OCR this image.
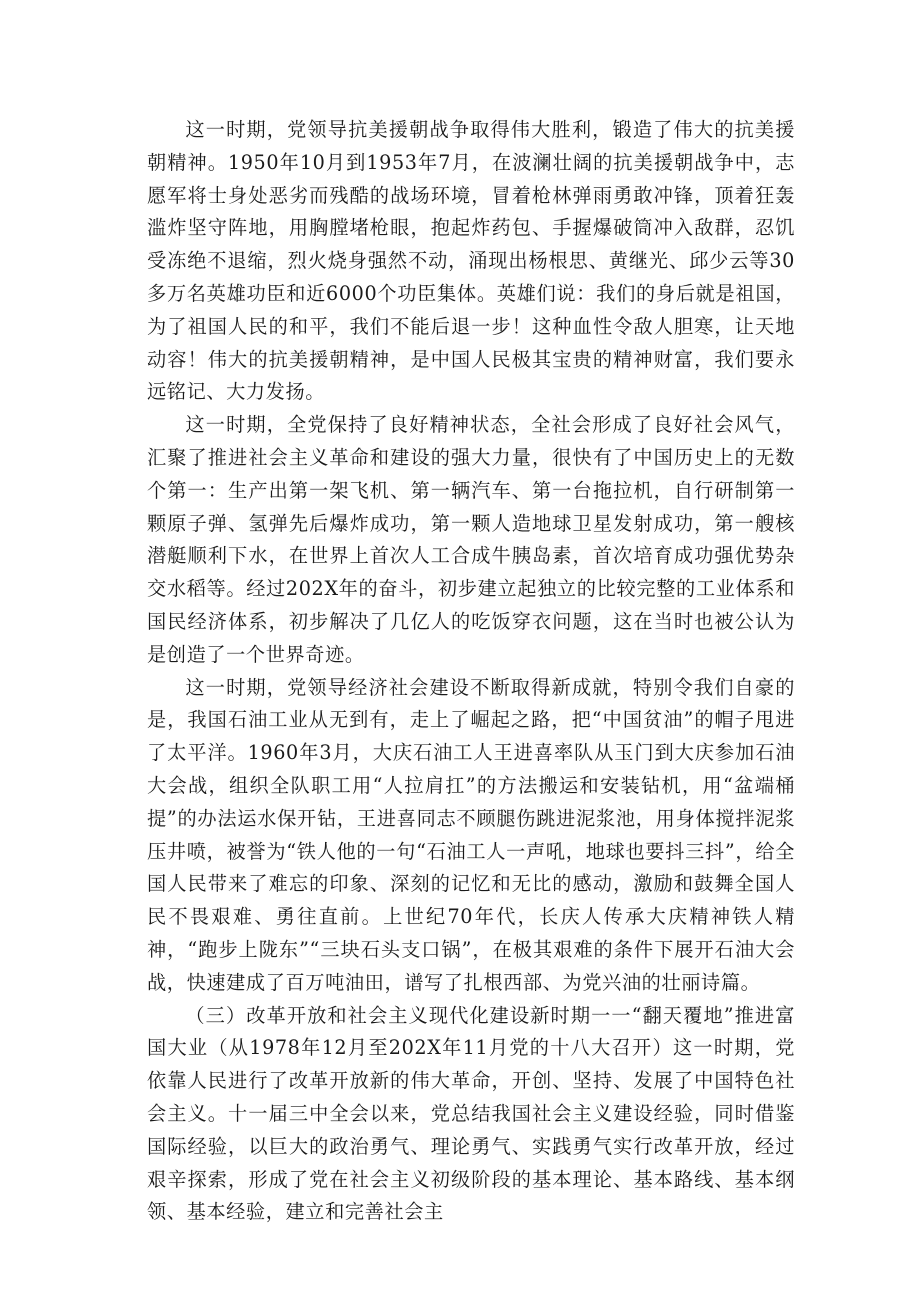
这一时期，党领导抗美援朝战争取得伟大胜利，锻造了伟大的抗美援朝精神。1950年10月到1953年7月，在波澜壮阔的抗美援朝战争中，志愿军将士身处恶劣而残酷的战场环境，冒着枪林弹雨勇敢冲锋，顶着狂轰滥炸坚守阵地，用胸膛堵枪眼，抱起炸药包、手握爆破筒冲入敌群，忍饥受冻绝不退缩，烈火烧身强然不动，涌现出杨根思、黄继光、邱少云等30多万名英雄功臣和近6000个功臣集体。英雄们说：我们的身后就是祖国，为了祖国人民的和平，我们不能后退一步！这种血性令敌人胆寒，让天地动容！伟大的抗美援朝精神，是中国人民极其宝贵的精神财富，我们要永远铭记、大力发扬。

这一时期，全党保持了良好精神状态，全社会形成了良好社会风气，汇聚了推进社会主义革命和建设的强大力量，很快有了中国历史上的无数个第一：生产出第一架飞机、第一辆汽车、第一台拖拉机，自行研制第一颗原子弹、氢弹先后爆炸成功，第一颗人造地球卫星发射成功，第一艘核潜艇顺利下水，在世界上首次人工合成牛胰岛素，首次培育成功强优势杂交水稻等。经过202X年的奋斗，初步建立起独立的比较完整的工业体系和国民经济体系，初步解决了几亿人的吃饭穿衣问题，这在当时也被公认为是创造了一个世界奇迹。

这一时期，党领导经济社会建设不断取得新成就，特别令我们自豪的是，我国石油工业从无到有，走上了崛起之路，把“中国贫油”的帽子甩进了太平洋。1960年3月，大庆石油工人王进喜率队从玉门到大庆参加石油大会战，组织全队职工用“人拉肩扛”的方法搬运和安装钻机，用“盆端桶提”的办法运水保开钻，王进喜同志不顾腿伤跳进泥浆池，用身体搅拌泥浆压井喷，被誉为“铁人他的一句“石油工人一声吼，地球也要抖三抖”，给全国人民带来了难忘的印象、深刻的记忆和无比的感动，激励和鼓舞全国人民不畏艰难、勇往直前。上世纪70年代，长庆人传承大庆精神铁人精神，“跑步上陇东”“三块石头支口锅”，在极其艰难的条件下展开石油大会战，快速建成了百万吨油田，谱写了扎根西部、为党兴油的壮丽诗篇。

（三）改革开放和社会主义现代化建设新时期一一“翻天覆地”推进富国大业（从1978年12月至202X年11月党的十八大召开）这一时期，党依靠人民进行了改革开放新的伟大革命，开创、坚持、发展了中国特色社会主义。十一届三中全会以来，党总结我国社会主义建设经验，同时借鉴国际经验，以巨大的政治勇气、理论勇气、实践勇气实行改革开放，经过艰辛探索，形成了党在社会主义初级阶段的基本理论、基本路线、基本纲领、基本经验，建立和完善社会主
